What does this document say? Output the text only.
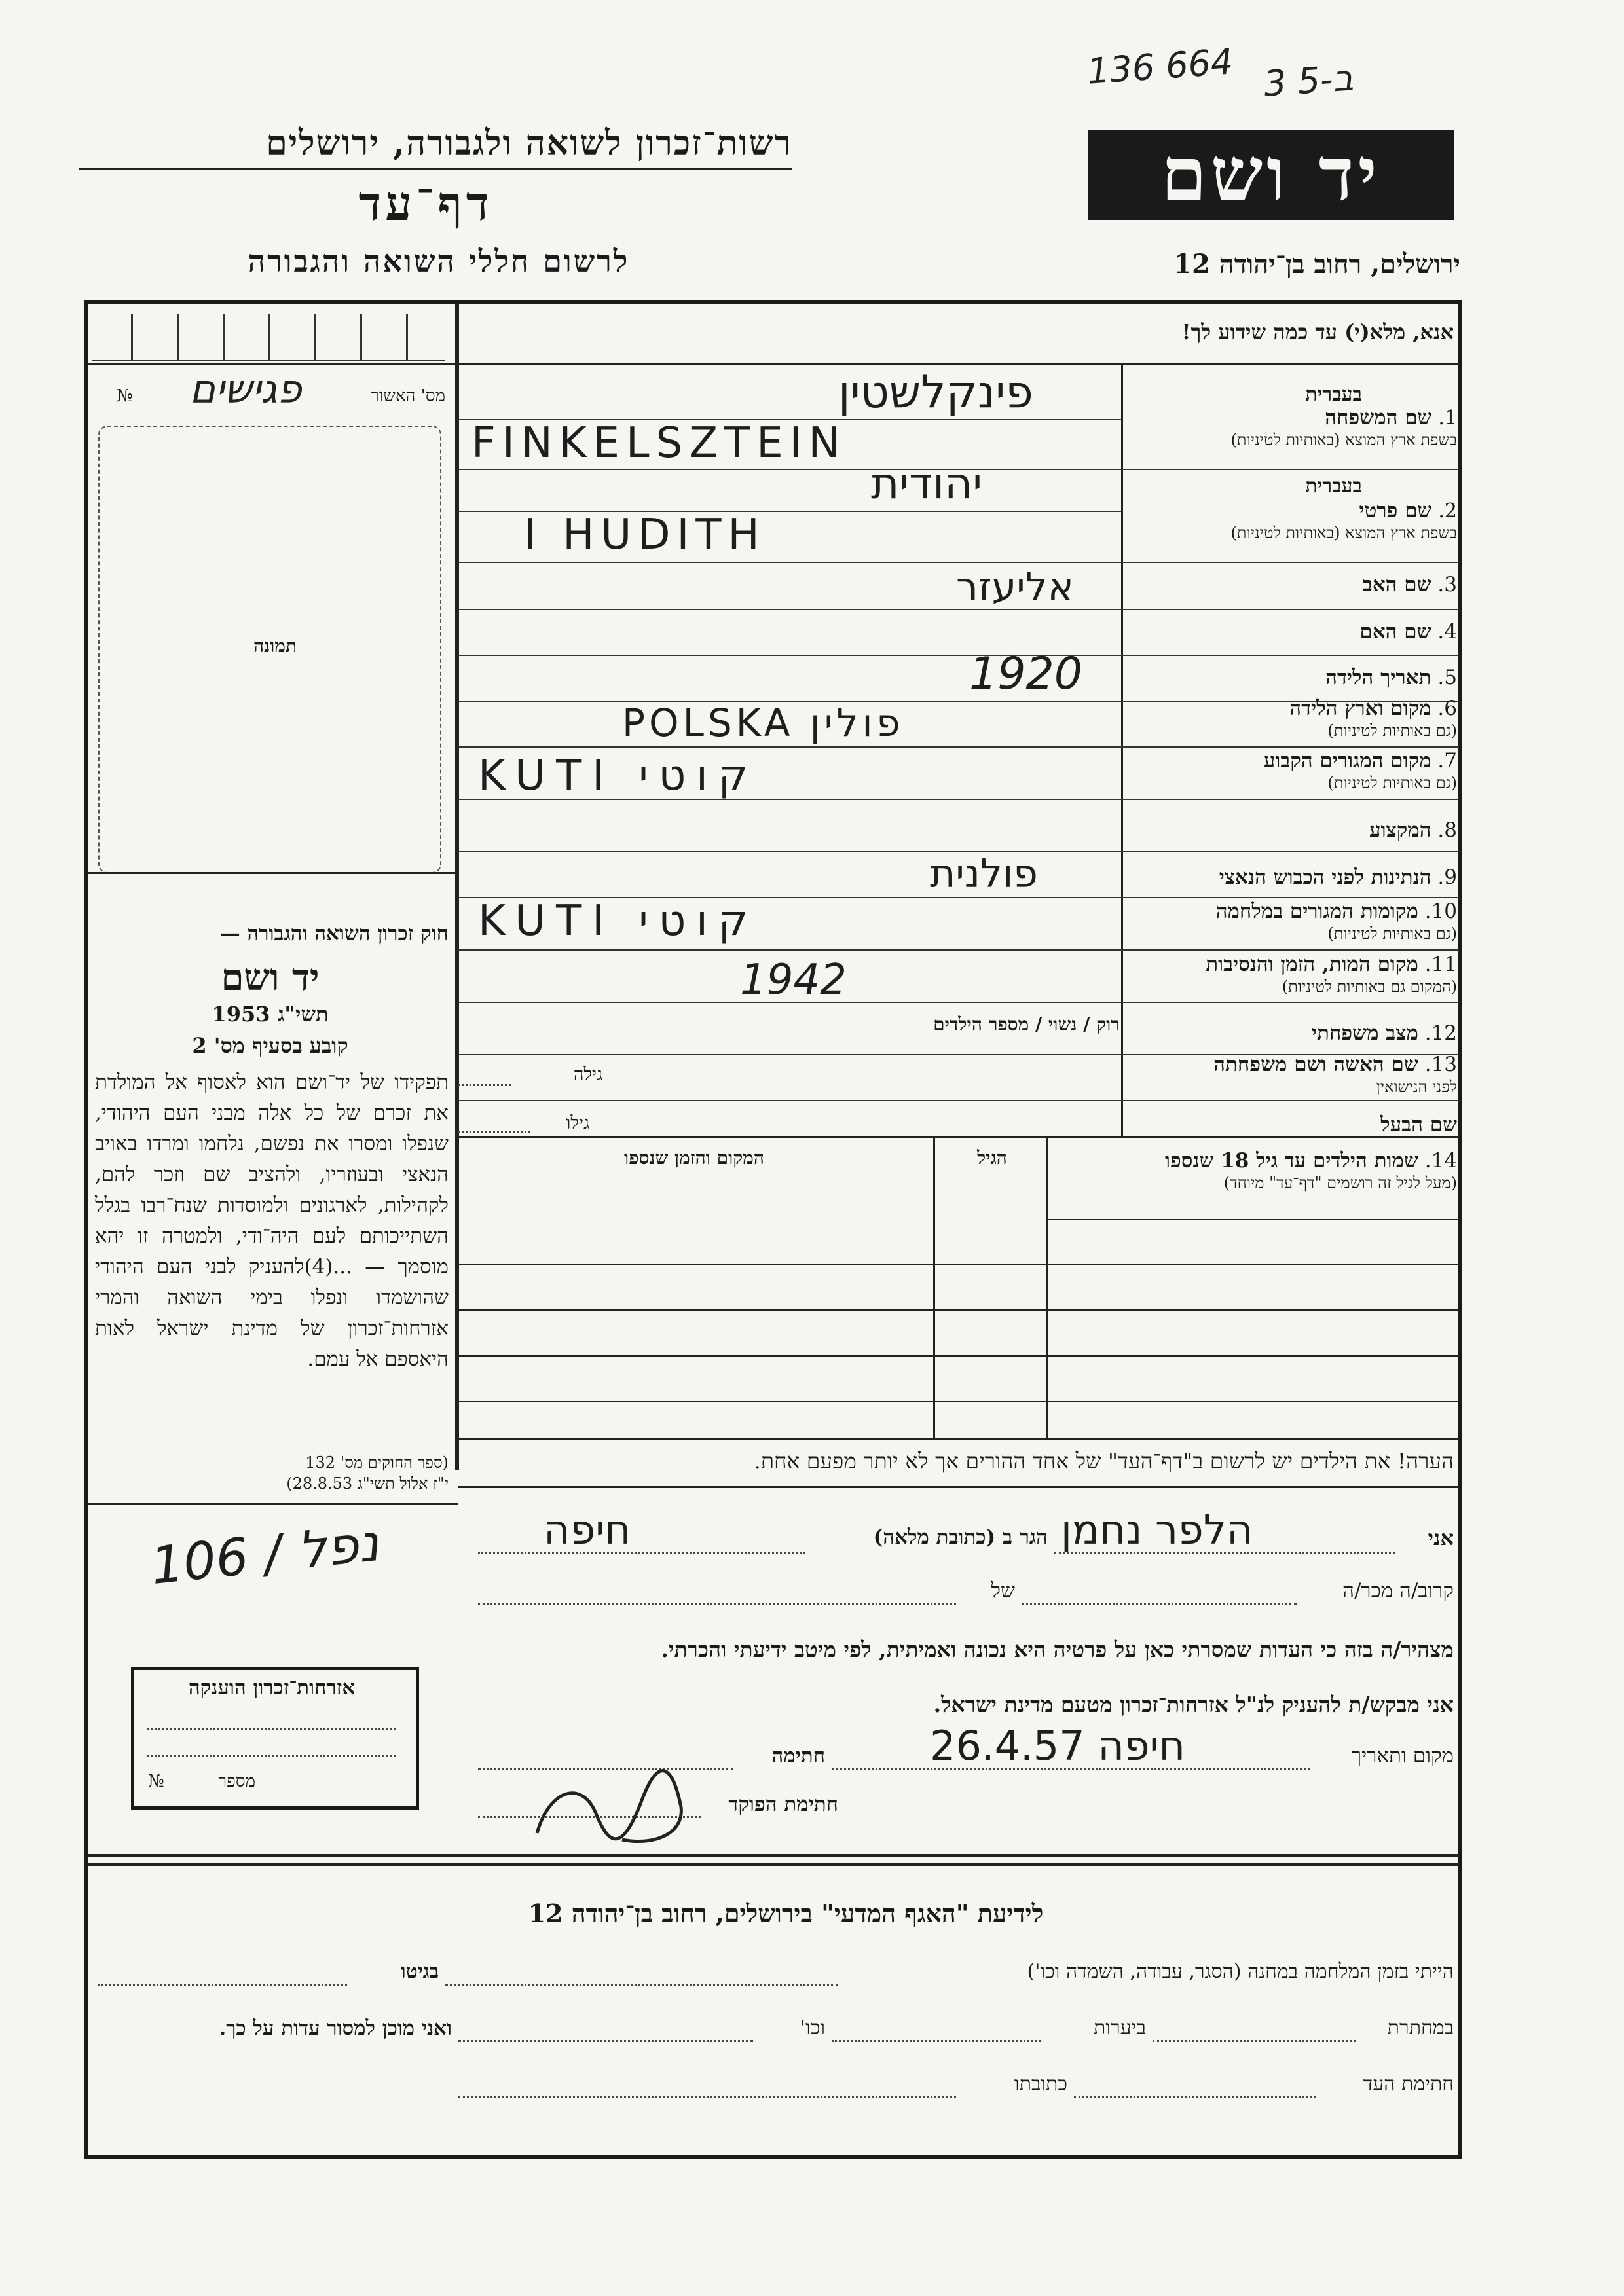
136 664 3 ב-5
רשות־זכרון לשואה ולגבורה, ירושלים
דף־עד
לרשום חללי השואה והגבורה
יד ושם
ירושלים, רחוב בן־יהודה 12
אנא, מלא(י) עד כמה שידוע לך!
מס' האשור
№	פגישים
תמונה
חוק זכרון השואה והגבורה —
יד ושם
תשי"ג 1953
קובע בסעיף מס' 2
תפקידו של יד־ושם הוא לאסוף אל המולדת את זכרם של כל אלה מבני העם היהודי, שנפלו ומסרו את נפשם, נלחמו ומרדו באויב הנאצי ובעוזריו, ולהציב שם וזכר להם, לקהילות, לארגונים ולמוסדות שנח־רבו בגלל השתייכותם לעם היה־ודי, ולמטרה זו יהא מוסמך — ...(4)להעניק לבני העם היהודי שהושמדו ונפלו בימי השואה והמרי אזרחות־זכרון של מדינת ישראל לאות היאספם אל עמם.
(ספר החוקים מס' 132
י"ז אלול תשי"ג 28.8.53)
בעברית
1. שם המשפחה
בשפת ארץ המוצא (באותיות לטיניות)
בעברית
2. שם פרטי
בשפת ארץ המוצא (באותיות לטיניות)
3. שם האב
4. שם האם
5. תאריך הלידה
6. מקום וארץ הלידה
(גם באותיות לטיניות)
7. מקום המגורים הקבוע
(גם באותיות לטיניות)
8. המקצוע
9. הנתינות לפני הכבוש הנאצי
10. מקומות המגורים במלחמה
(גם באותיות לטיניות)
11. מקום המות, הזמן והנסיבות
(המקום גם באותיות לטיניות)
12. מצב משפחתי
13. שם האשה ושם משפחתה
לפני הנישואין
שם הבעל
פינקלשטין
FINKELSZTEIN
יהודית
I HUDITH
אליעזר
1920
POLSKA פולין
KUTI קוטי
פולנית
KUTI קוטי
1942
רוק / נשוי / מספר הילדים
גילה
גילו
14. שמות הילדים עד גיל 18 שנספו
(מעל לגיל זה רושמים "דף־עד" מיוחד)
הגיל
המקום והזמן שנספו
הערה! את הילדים יש לרשום ב"דף־העד" של אחד ההורים אך לא יותר מפעם אחת.
אני
הלפר נחמן
הגר ב (כתובת מלאה)
חיפה
קרוב/ה מכר/ה
של
מצהיר/ה בזה כי העדות שמסרתי כאן על פרטיה היא נכונה ואמיתית, לפי מיטב ידיעתי והכרתי.
אני מבקש/ת להעניק לנ"ל אזרחות־זכרון מטעם מדינת ישראל.
מקום ותאריך
חיפה 26.4.57
חתימה
חתימת הפוקד
106 / נפל
אזרחות־זכרון הוענקה
מספר
№
לידיעת "האגף המדעי" בירושלים, רחוב בן־יהודה 12
הייתי בזמן המלחמה במחנה (הסגר, עבודה, השמדה וכו')
בגיטו
במחתרת
ביערות
וכו'
ואני מוכן למסור עדות על כך.
חתימת העד
כתובתו
